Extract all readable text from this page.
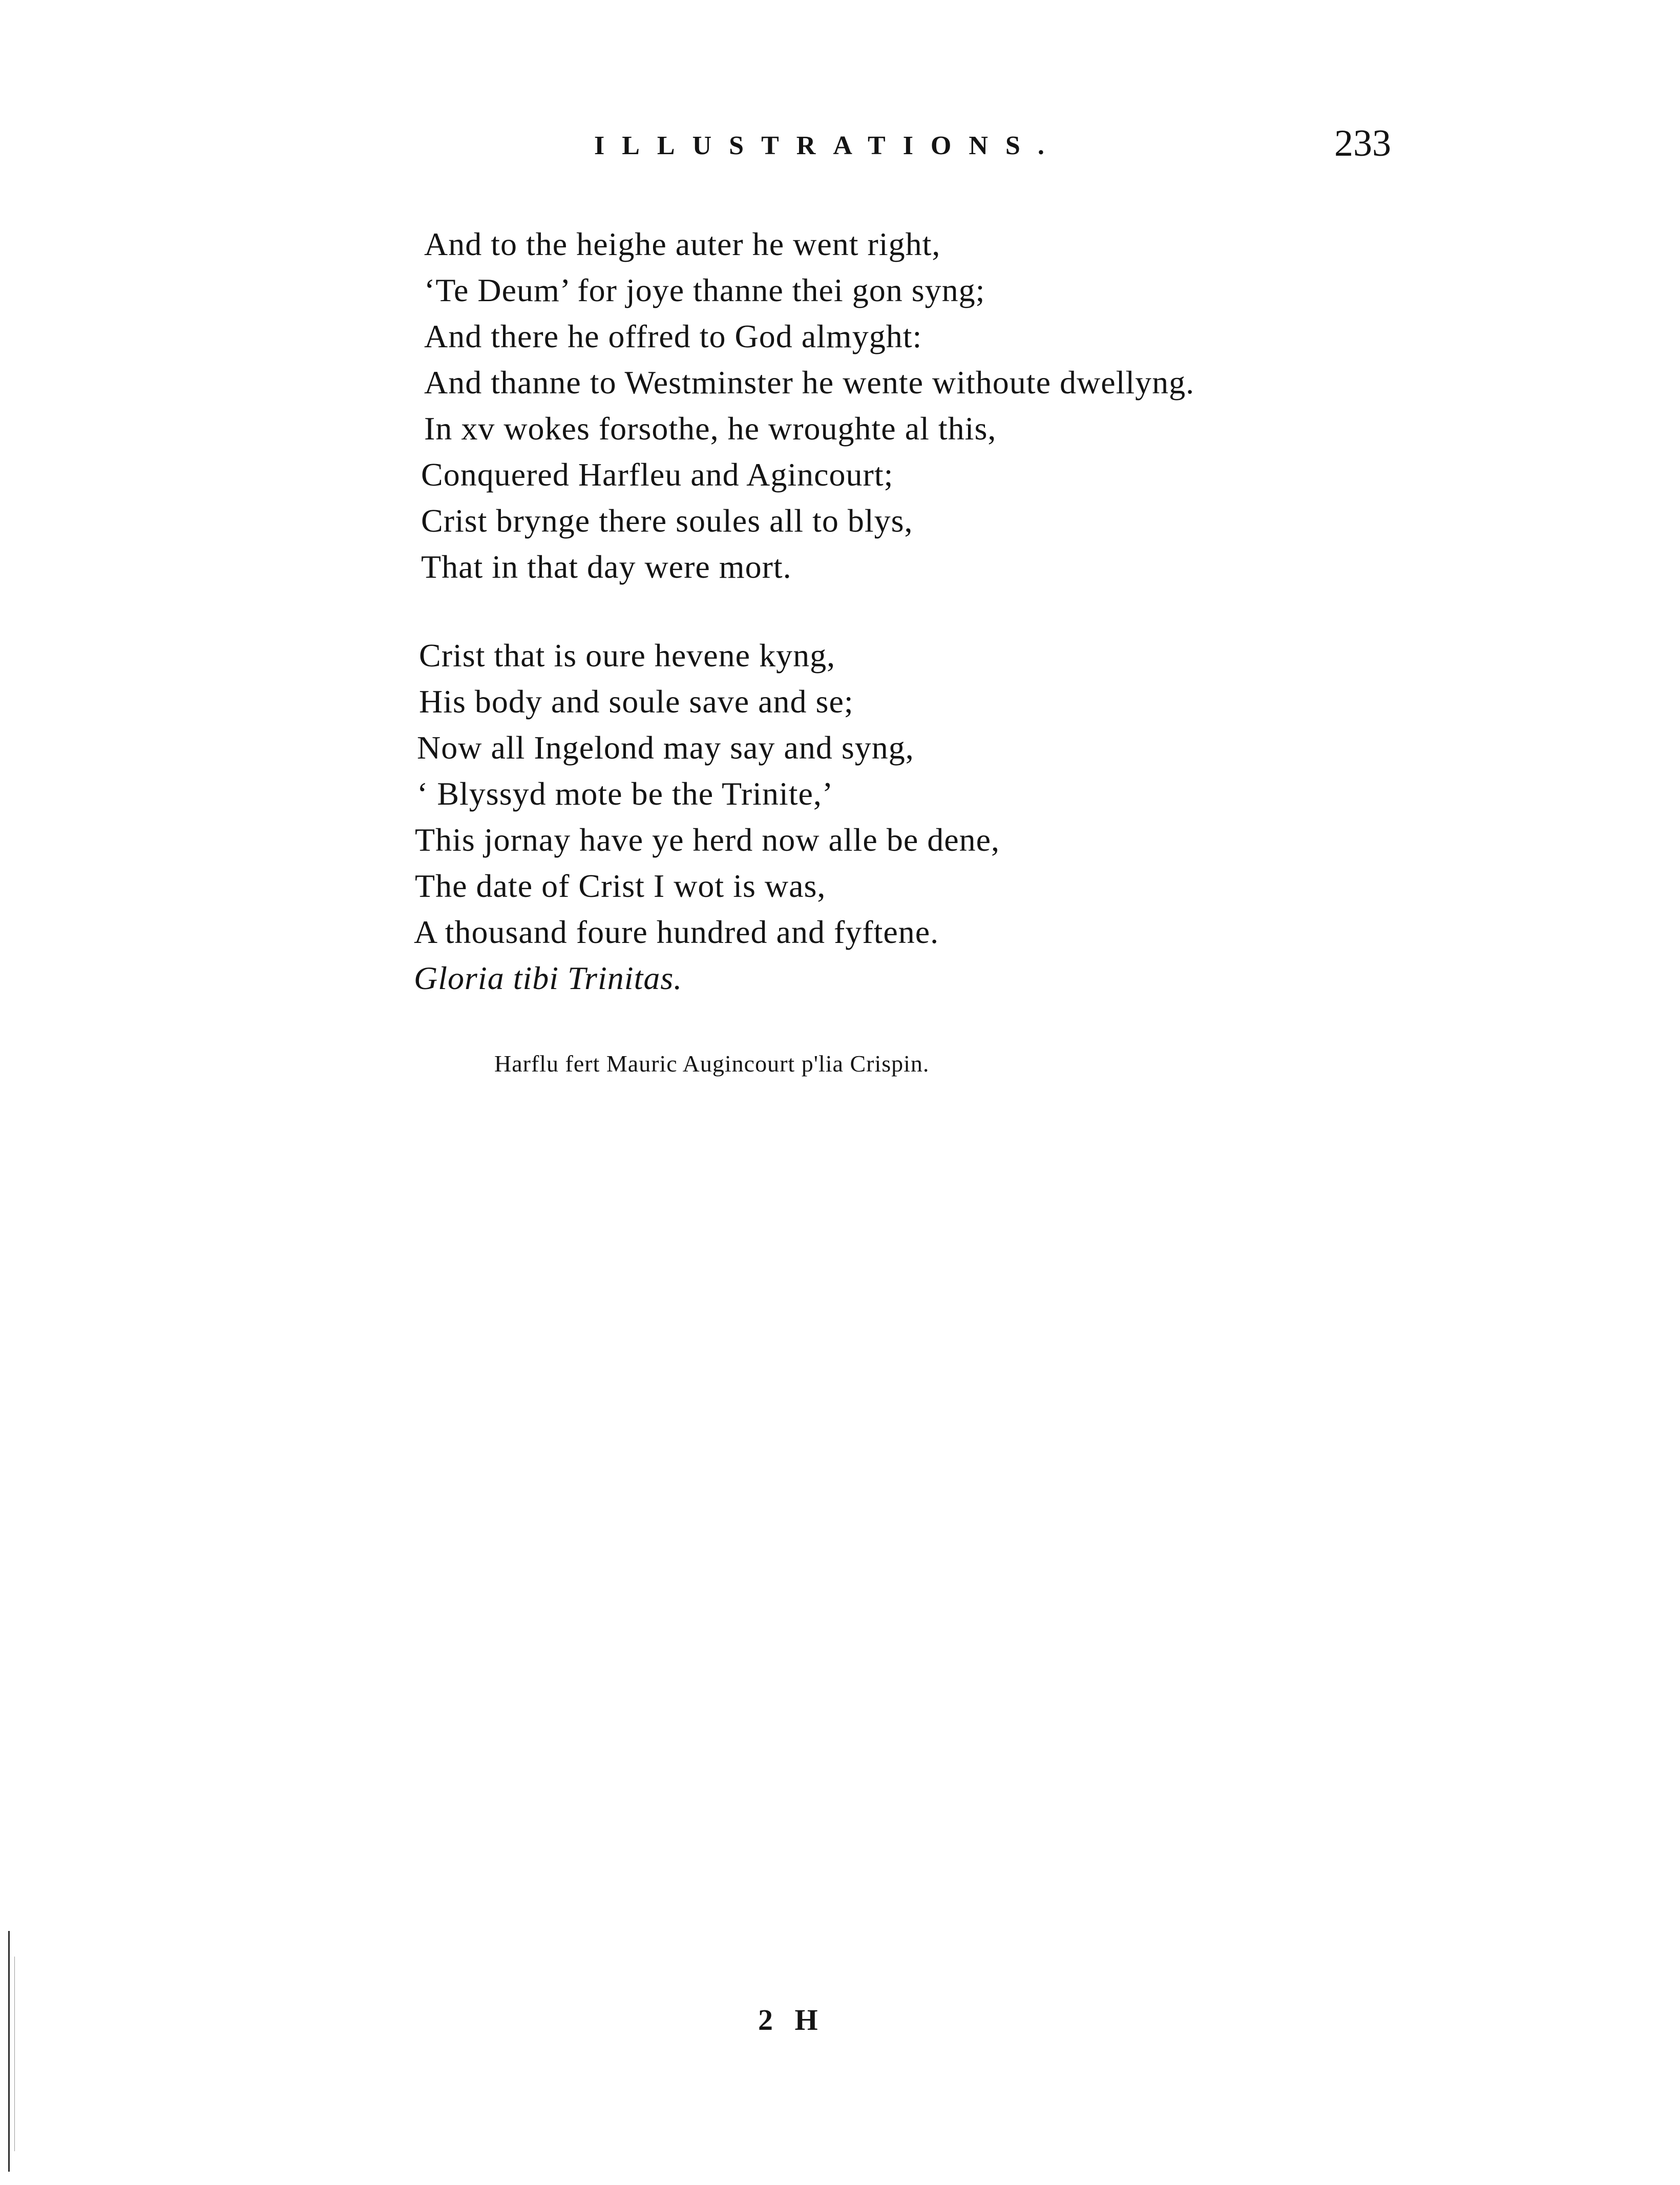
ILLUSTRATIONS.	233
And to the heighe auter he went right,
‘Te Deum’ for joye thanne thei gon syng;
And there he offred to God almyght:
And thanne to Westminster he wente withoute dwellyng.
In xv wokes forsothe, he wroughte al this,
Conquered Harfleu and Agincourt;
Crist brynge there soules all to blys,
That in that day were mort.
Crist that is oure hevene kyng,
His body and soule save and se;
Now all Ingelond may say and syng,
‘ Blyssyd mote be the Trinite,’
This jornay have ye herd now alle be dene,
The date of Crist I wot is was,
A thousand foure hundred and fyftene.
Gloria tibi Trinitas.
Harflu fert Mauric Augincourt p'lia Crispin.
2 H
